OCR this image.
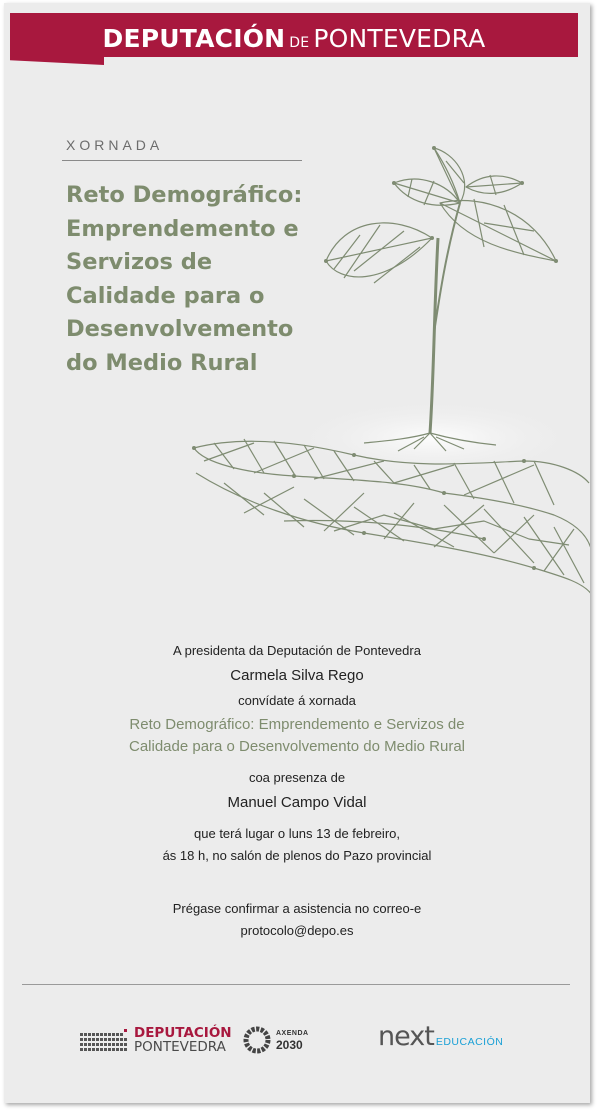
DEPUTACIÓN DE PONTEVEDRA
XORNADA
Reto Demográfico:
Emprendemento e
Servizos de
Calidade para o
Desenvolvemento
do Medio Rural
A presidenta da Deputación de Pontevedra
Carmela Silva Rego
convídate á xornada
Reto Demográfico: Emprendemento e Servizos de
Calidade para o Desenvolvemento do Medio Rural
coa presenza de
Manuel Campo Vidal
que terá lugar o luns 13 de febreiro,
ás 18 h, no salón de plenos do Pazo provincial
Prégase confirmar a asistencia no correo-e
protocolo@depo.es
DEPUTACIÓN
PONTEVEDRA
AXENDA
2030	next EDUCACIÓN
